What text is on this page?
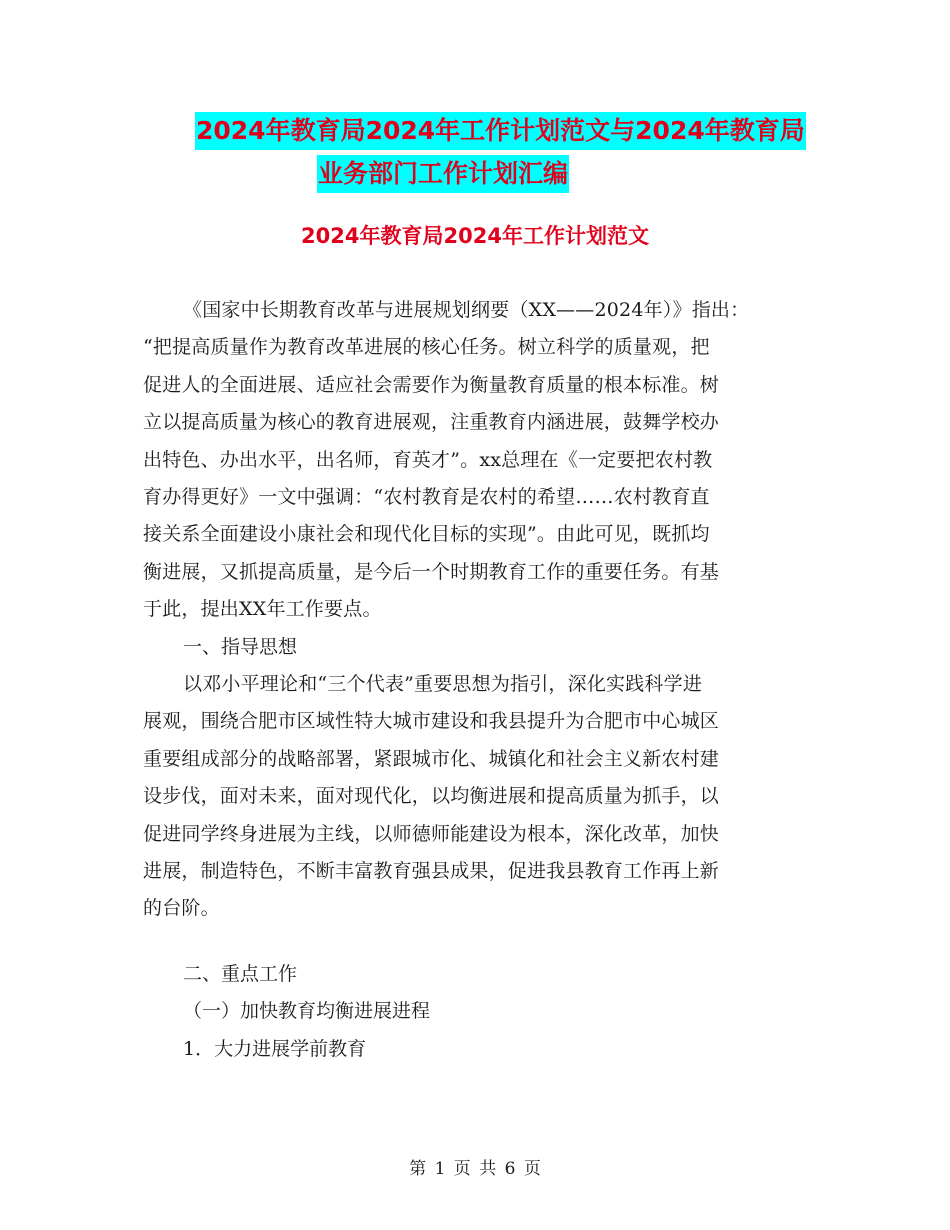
2024年教育局2024年工作计划范文与2024年教育局
业务部门工作计划汇编
2024年教育局2024年工作计划范文
《国家中长期教育改革与进展规划纲要（XX——2024年）》指出：
“把提高质量作为教育改革进展的核心任务。树立科学的质量观，把
促进人的全面进展、适应社会需要作为衡量教育质量的根本标准。树
立以提高质量为核心的教育进展观，注重教育内涵进展，鼓舞学校办
出特色、办出水平，出名师，育英才”。xx总理在《一定要把农村教
育办得更好》一文中强调：“农村教育是农村的希望……农村教育直
接关系全面建设小康社会和现代化目标的实现”。由此可见，既抓均
衡进展，又抓提高质量，是今后一个时期教育工作的重要任务。有基
于此，提出XX年工作要点。
一、指导思想
以邓小平理论和“三个代表”重要思想为指引，深化实践科学进
展观，围绕合肥市区域性特大城市建设和我县提升为合肥市中心城区
重要组成部分的战略部署，紧跟城市化、城镇化和社会主义新农村建
设步伐，面对未来，面对现代化，以均衡进展和提高质量为抓手，以
促进同学终身进展为主线，以师德师能建设为根本，深化改革，加快
进展，制造特色，不断丰富教育强县成果，促进我县教育工作再上新
的台阶。
二、重点工作
（一）加快教育均衡进展进程
1．大力进展学前教育
第 1 页 共 6 页
